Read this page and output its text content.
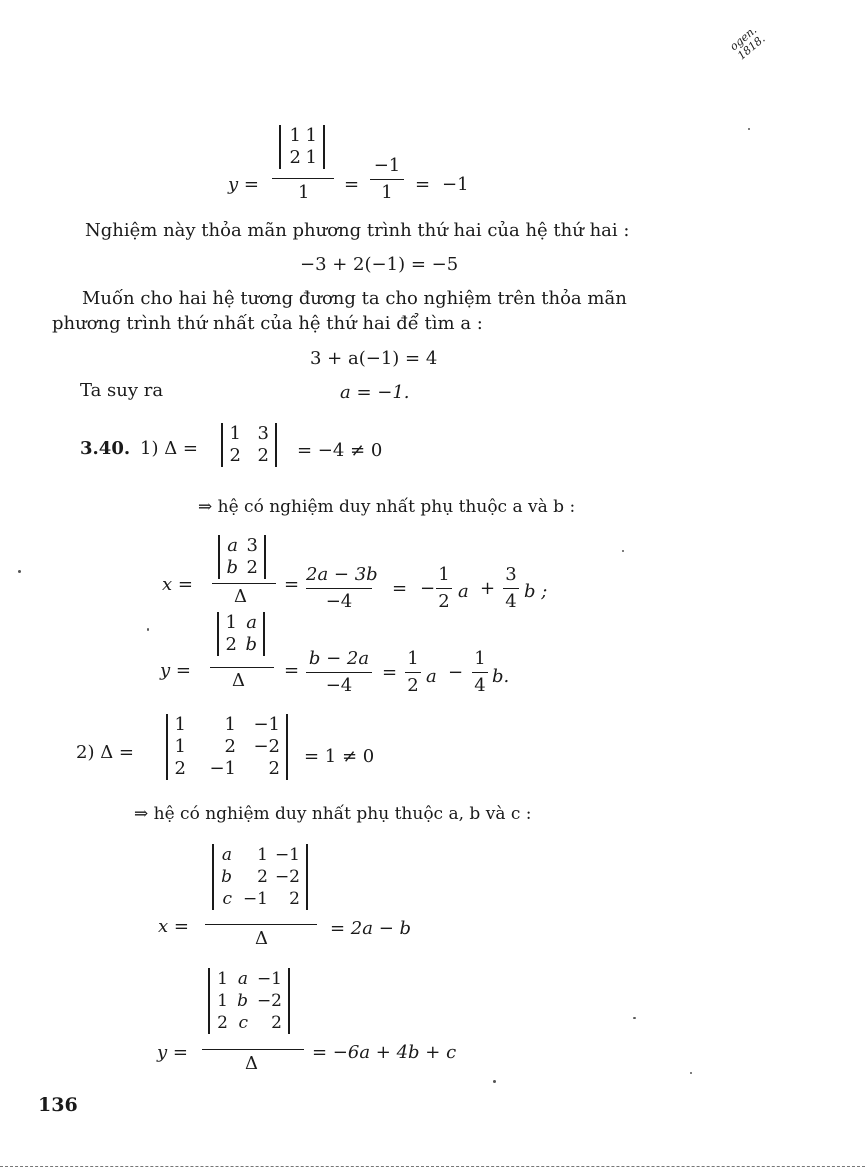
ogen.
1818.
y =
1 1
2 1
1 =
−1
1	= −1
Nghiệm này thỏa mãn phương trình thứ hai của hệ thứ hai :
−3 + 2(−1) = −5
Muốn cho hai hệ tương đương ta cho nghiệm trên thỏa mãn
phương trình thứ nhất của hệ thứ hai để tìm a :
3 + a(−1) = 4
Ta suy ra	a = −1.
3.40. 1) Δ =
1 3
2 2 = −4 ≠ 0
⇒ hệ có nghiệm duy nhất phụ thuộc a và b :
x =
a 3
b 2
Δ
= 2a − 3b
−4
= −
1
2 a +
3
4 b ;
y =
1 a
2 b
Δ =
b − 2a
−4
=
1
2 a −
1
4 b.
2) Δ =
1 1 −1
1 2 −2
2 −1 2
= 1 ≠ 0
⇒ hệ có nghiệm duy nhất phụ thuộc a, b và c :
x =
a 1 −1
b 2 −2
c −1 2
Δ	= 2a − b
y =
1 a −1
1 b −2
2 c 2
Δ
= −6a + 4b + c
136
